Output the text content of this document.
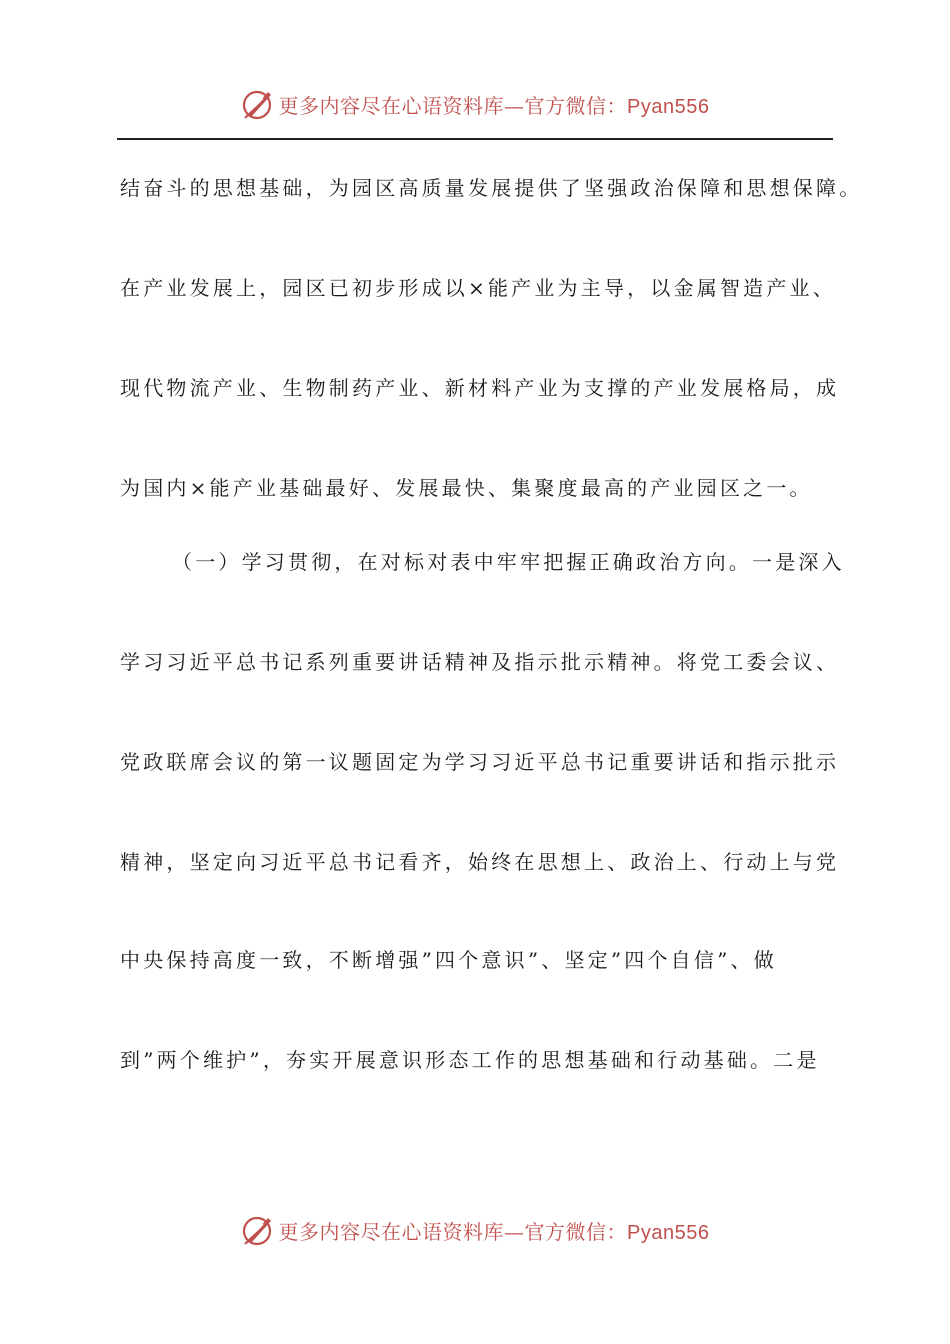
更多内容尽在心语资料库—官方微信：Pyan556
结奋斗的思想基础，为园区高质量发展提供了坚强政治保障和思想保障。
在产业发展上，园区已初步形成以×能产业为主导，以金属智造产业、
现代物流产业、生物制药产业、新材料产业为支撑的产业发展格局，成
为国内×能产业基础最好、发展最快、集聚度最高的产业园区之一。
（一）学习贯彻，在对标对表中牢牢把握正确政治方向。一是深入
学习习近平总书记系列重要讲话精神及指示批示精神。将党工委会议、
党政联席会议的第一议题固定为学习习近平总书记重要讲话和指示批示
精神，坚定向习近平总书记看齐，始终在思想上、政治上、行动上与党
中央保持高度一致，不断增强”四个意识”、坚定”四个自信”、做
到”两个维护”，夯实开展意识形态工作的思想基础和行动基础。二是
更多内容尽在心语资料库—官方微信：Pyan556
